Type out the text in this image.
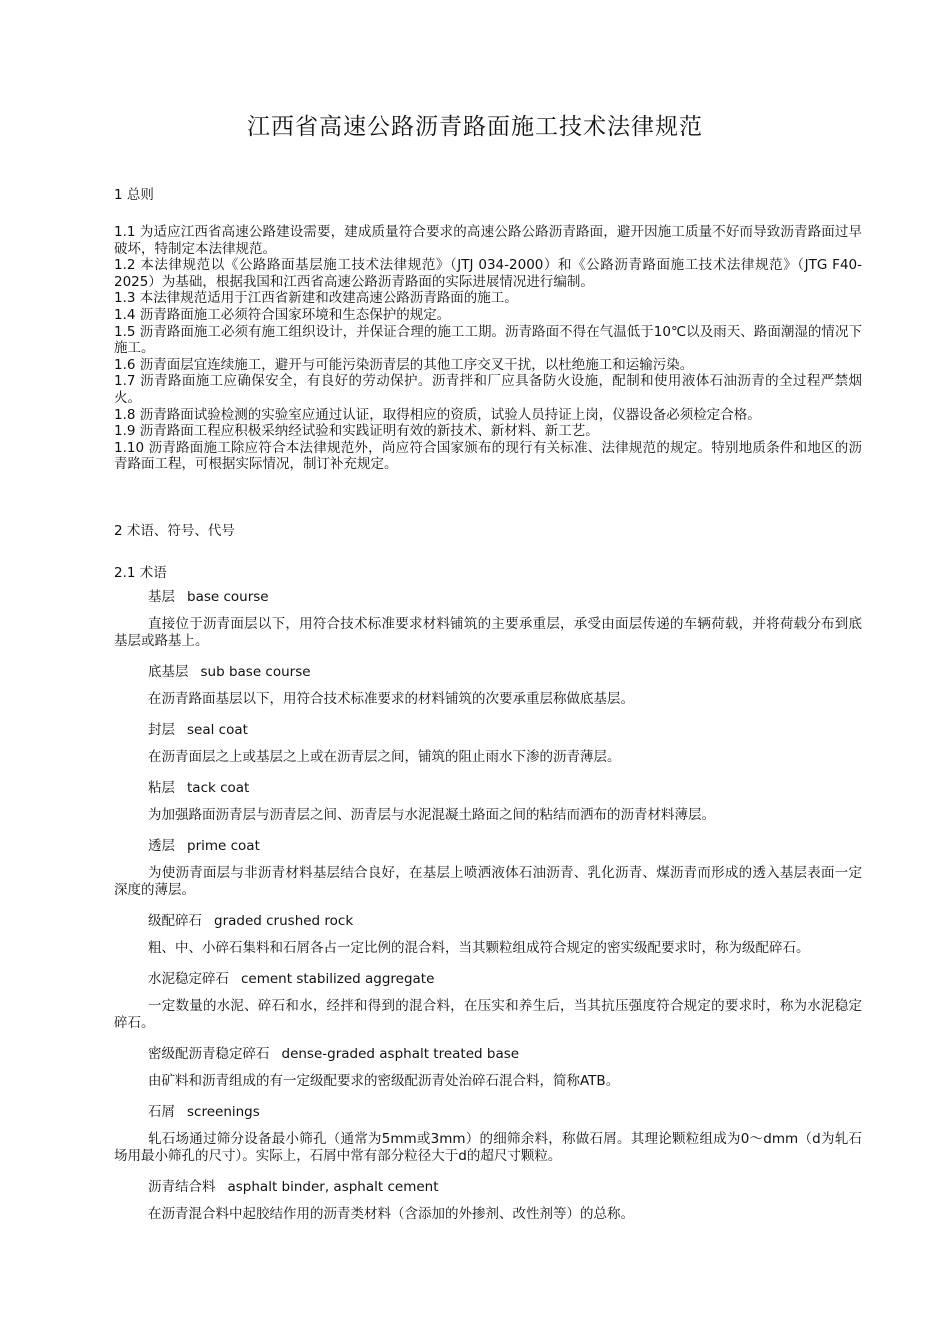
江西省高速公路沥青路面施工技术法律规范
1 总则

1.1 为适应江西省高速公路建设需要，建成质量符合要求的高速公路公路沥青路面，避开因施工质量不好而导致沥青路面过早破坏，特制定本法律规范。

1.2 本法律规范以《公路路面基层施工技术法律规范》（JTJ 034-2000）和《公路沥青路面施工技术法律规范》（JTG F40-2025）为基础，根据我国和江西省高速公路沥青路面的实际进展情况进行编制。

1.3 本法律规范适用于江西省新建和改建高速公路沥青路面的施工。

1.4 沥青路面施工必须符合国家环境和生态保护的规定。

1.5 沥青路面施工必须有施工组织设计，并保证合理的施工工期。沥青路面不得在气温低于10℃以及雨天、路面潮湿的情况下施工。

1.6 沥青面层宜连续施工，避开与可能污染沥青层的其他工序交叉干扰，以杜绝施工和运输污染。

1.7 沥青路面施工应确保安全，有良好的劳动保护。沥青拌和厂应具备防火设施，配制和使用液体石油沥青的全过程严禁烟火。

1.8 沥青路面试验检测的实验室应通过认证，取得相应的资质，试验人员持证上岗，仪器设备必须检定合格。

1.9 沥青路面工程应积极采纳经试验和实践证明有效的新技术、新材料、新工艺。

1.10 沥青路面施工除应符合本法律规范外，尚应符合国家颁布的现行有关标准、法律规范的规定。特别地质条件和地区的沥青路面工程，可根据实际情况，制订补充规定。

2 术语、符号、代号
2.1 术语
基层 base course
直接位于沥青面层以下，用符合技术标准要求材料铺筑的主要承重层，承受由面层传递的车辆荷载，并将荷载分布到底基层或路基上。
底基层 sub base course
在沥青路面基层以下，用符合技术标准要求的材料铺筑的次要承重层称做底基层。
封层 seal coat
在沥青面层之上或基层之上或在沥青层之间，铺筑的阻止雨水下渗的沥青薄层。
粘层 tack coat
为加强路面沥青层与沥青层之间、沥青层与水泥混凝土路面之间的粘结而洒布的沥青材料薄层。
透层 prime coat
为使沥青面层与非沥青材料基层结合良好，在基层上喷洒液体石油沥青、乳化沥青、煤沥青而形成的透入基层表面一定深度的薄层。
级配碎石 graded crushed rock
粗、中、小碎石集料和石屑各占一定比例的混合料，当其颗粒组成符合规定的密实级配要求时，称为级配碎石。
水泥稳定碎石 cement stabilized aggregate
一定数量的水泥、碎石和水，经拌和得到的混合料，在压实和养生后，当其抗压强度符合规定的要求时，称为水泥稳定碎石。
密级配沥青稳定碎石 dense-graded asphalt treated base
由矿料和沥青组成的有一定级配要求的密级配沥青处治碎石混合料，简称ATB。
石屑 screenings
轧石场通过筛分设备最小筛孔（通常为5mm或3mm）的细筛余料，称做石屑。其理论颗粒组成为0～dmm（d为轧石场用最小筛孔的尺寸）。实际上，石屑中常有部分粒径大于d的超尺寸颗粒。
沥青结合料 asphalt binder, asphalt cement
在沥青混合料中起胶结作用的沥青类材料（含添加的外掺剂、改性剂等）的总称。
